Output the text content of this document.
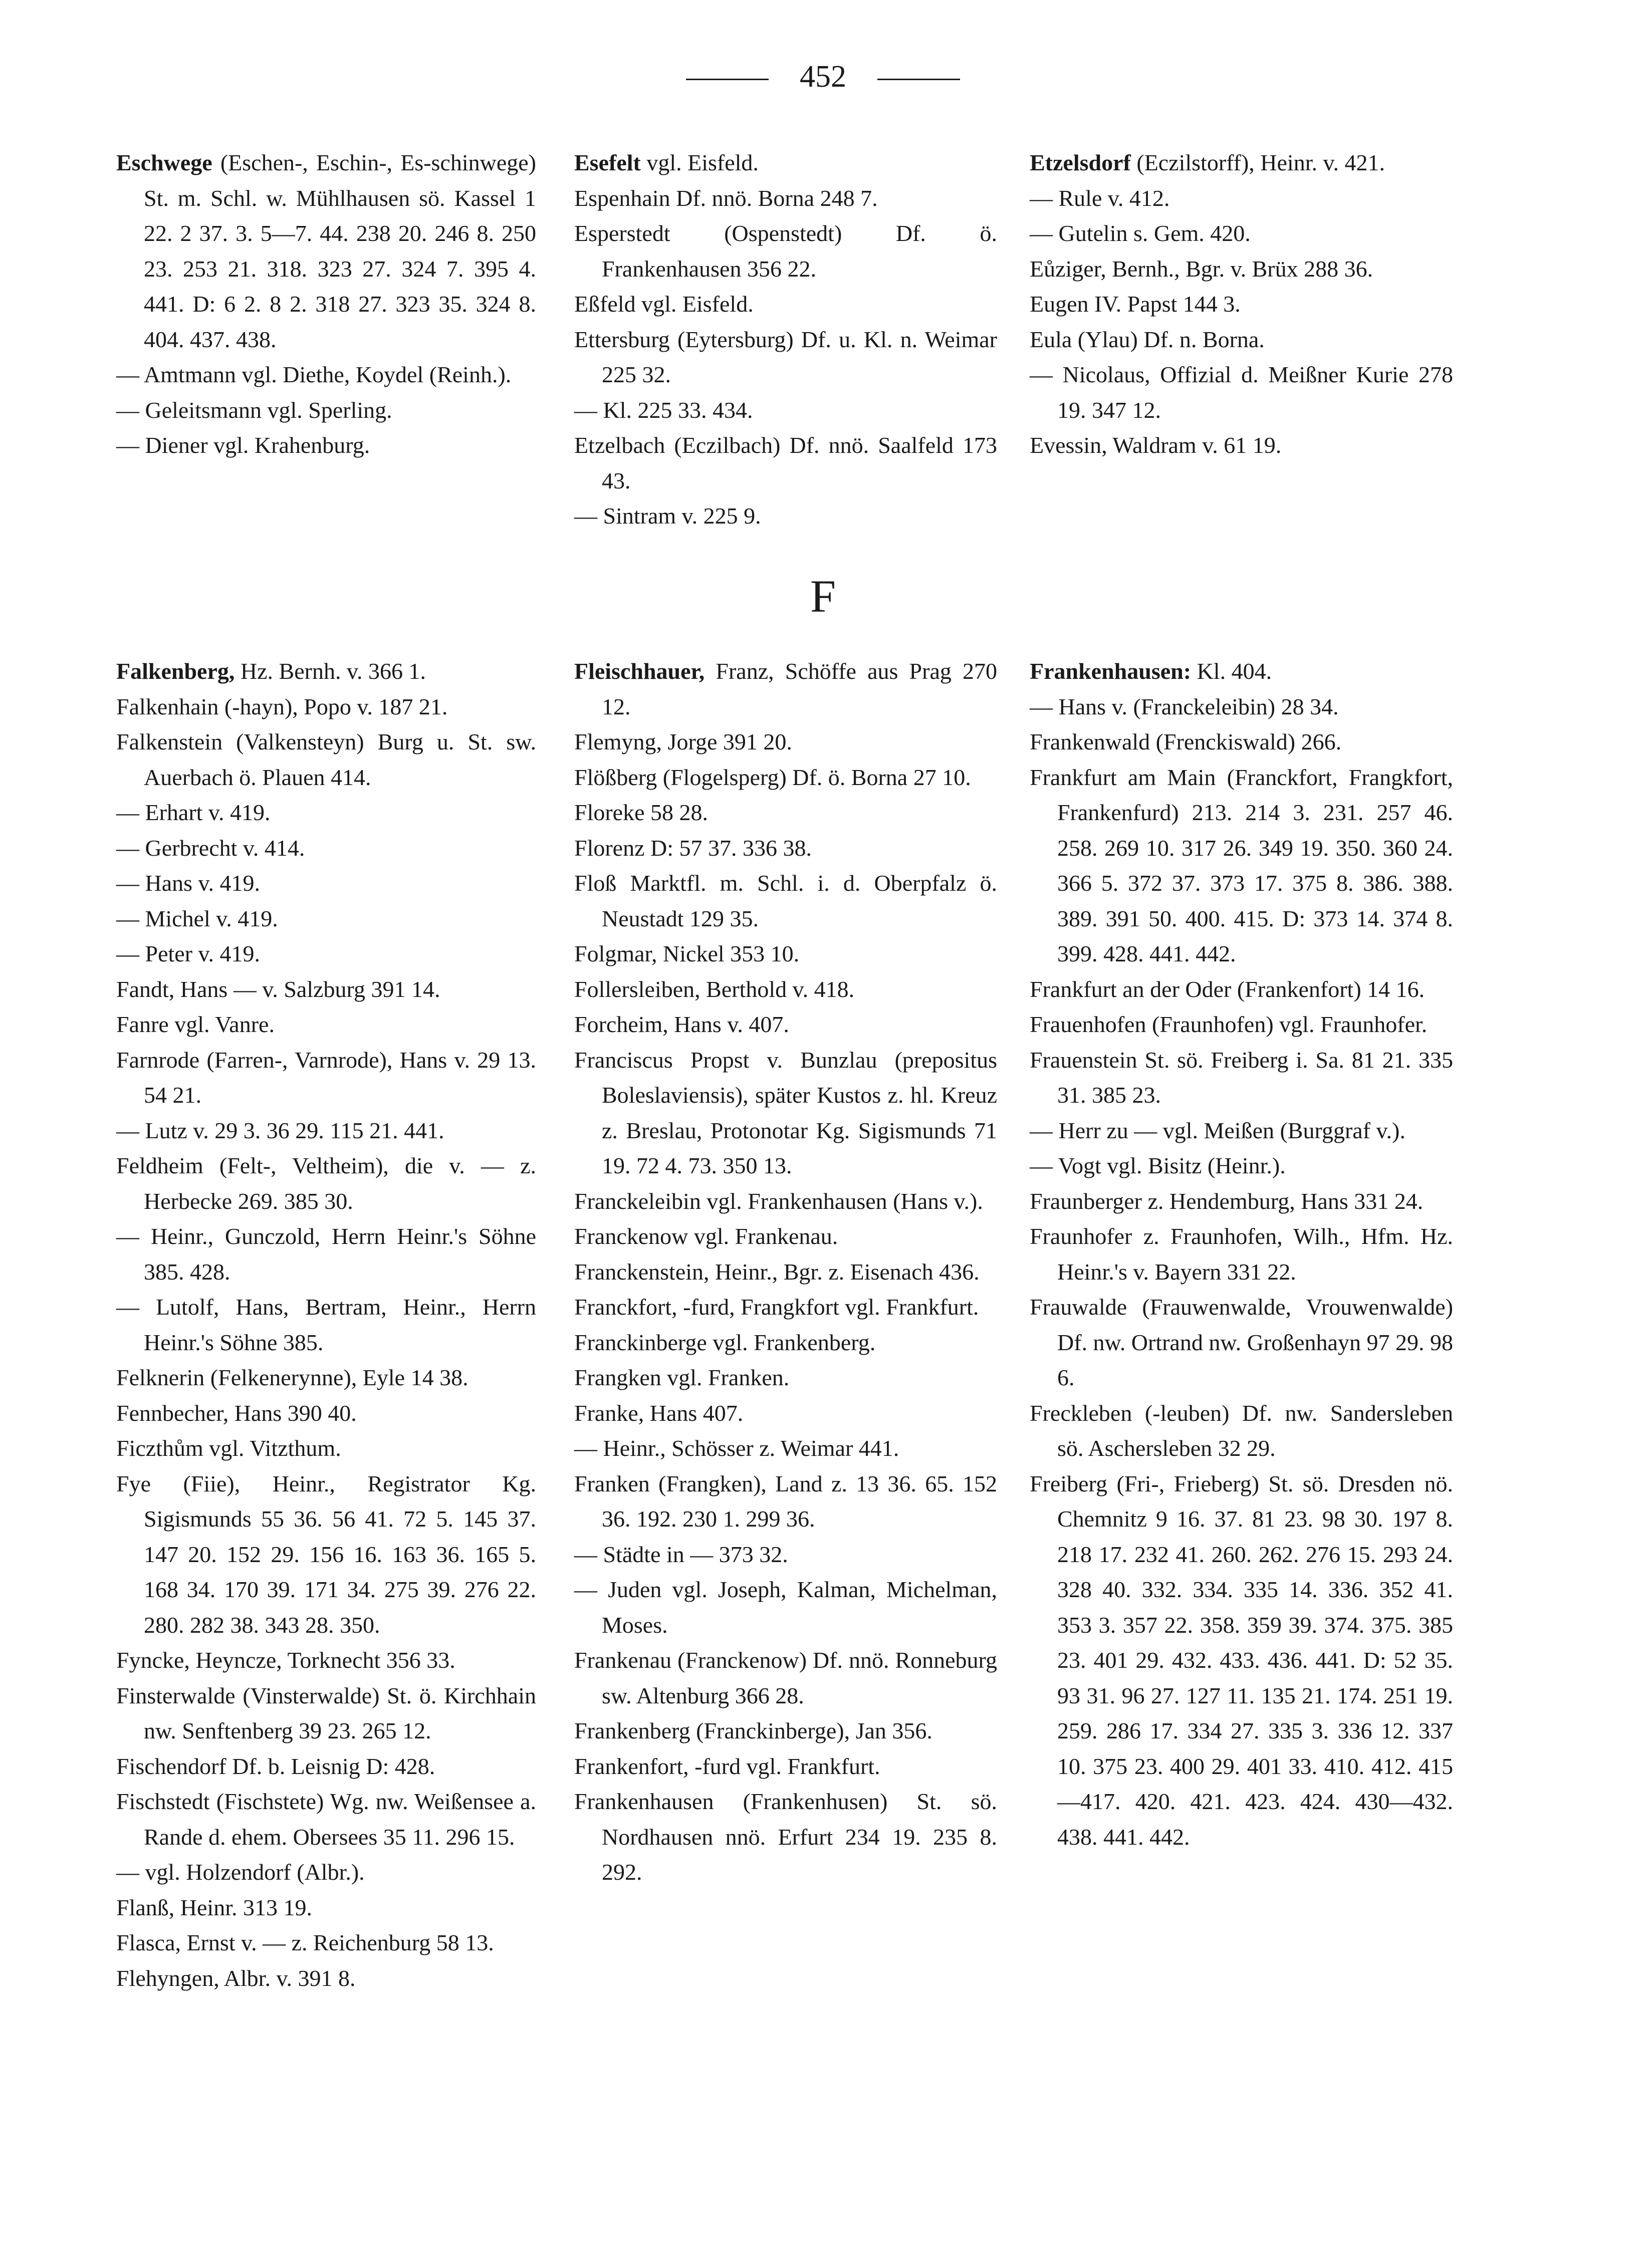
452

Eschwege (Eschen-, Eschin-, Es-schinwege) St. m. Schl. w. Mühlhausen sö. Kassel 1 22. 2 37. 3. 5—7. 44. 238 20. 246 8. 250 23. 253 21. 318. 323 27. 324 7. 395 4. 441. D: 6 2. 8 2. 318 27. 323 35. 324 8. 404. 437. 438.

— Amtmann vgl. Diethe, Koydel (Reinh.).

— Geleitsmann vgl. Sperling.

— Diener vgl. Krahenburg.

Esefelt vgl. Eisfeld.

Espenhain Df. nnö. Borna 248 7.

Esperstedt (Ospenstedt) Df. ö. Frankenhausen 356 22.

Eßfeld vgl. Eisfeld.

Ettersburg (Eytersburg) Df. u. Kl. n. Weimar 225 32.

— Kl. 225 33. 434.

Etzelbach (Eczilbach) Df. nnö. Saalfeld 173 43.

— Sintram v. 225 9.

Etzelsdorf (Eczilstorff), Heinr. v. 421.

— Rule v. 412.

— Gutelin s. Gem. 420.

Eůziger, Bernh., Bgr. v. Brüx 288 36.

Eugen IV. Papst 144 3.

Eula (Ylau) Df. n. Borna.

— Nicolaus, Offizial d. Meißner Kurie 278 19. 347 12.

Evessin, Waldram v. 61 19.

F

Falkenberg, Hz. Bernh. v. 366 1.

Falkenhain (-hayn), Popo v. 187 21.

Falkenstein (Valkensteyn) Burg u. St. sw. Auerbach ö. Plauen 414.

— Erhart v. 419.

— Gerbrecht v. 414.

— Hans v. 419.

— Michel v. 419.

— Peter v. 419.

Fandt, Hans — v. Salzburg 391 14.

Fanre vgl. Vanre.

Farnrode (Farren-, Varnrode), Hans v. 29 13. 54 21.

— Lutz v. 29 3. 36 29. 115 21. 441.

Feldheim (Felt-, Veltheim), die v. — z. Herbecke 269. 385 30.

— Heinr., Gunczold, Herrn Heinr.'s Söhne 385. 428.

— Lutolf, Hans, Bertram, Heinr., Herrn Heinr.'s Söhne 385.

Felknerin (Felkenerynne), Eyle 14 38.

Fennbecher, Hans 390 40.

Ficzthům vgl. Vitzthum.

Fye (Fiie), Heinr., Registrator Kg. Sigismunds 55 36. 56 41. 72 5. 145 37. 147 20. 152 29. 156 16. 163 36. 165 5. 168 34. 170 39. 171 34. 275 39. 276 22. 280. 282 38. 343 28. 350.

Fyncke, Heyncze, Torknecht 356 33.

Finsterwalde (Vinsterwalde) St. ö. Kirchhain nw. Senftenberg 39 23. 265 12.

Fischendorf Df. b. Leisnig D: 428.

Fischstedt (Fischstete) Wg. nw. Weißensee a. Rande d. ehem. Obersees 35 11. 296 15.

— vgl. Holzendorf (Albr.).

Flanß, Heinr. 313 19.

Flasca, Ernst v. — z. Reichenburg 58 13.

Flehyngen, Albr. v. 391 8.

Fleischhauer, Franz, Schöffe aus Prag 270 12.

Flemyng, Jorge 391 20.

Flößberg (Flogelsperg) Df. ö. Borna 27 10.

Floreke 58 28.

Florenz D: 57 37. 336 38.

Floß Marktfl. m. Schl. i. d. Oberpfalz ö. Neustadt 129 35.

Folgmar, Nickel 353 10.

Follersleiben, Berthold v. 418.

Forcheim, Hans v. 407.

Franciscus Propst v. Bunzlau (prepositus Boleslaviensis), später Kustos z. hl. Kreuz z. Breslau, Protonotar Kg. Sigismunds 71 19. 72 4. 73. 350 13.

Franckeleibin vgl. Frankenhausen (Hans v.).

Franckenow vgl. Frankenau.

Franckenstein, Heinr., Bgr. z. Eisenach 436.

Franckfort, -furd, Frangkfort vgl. Frankfurt.

Franckinberge vgl. Frankenberg.

Frangken vgl. Franken.

Franke, Hans 407.

— Heinr., Schösser z. Weimar 441.

Franken (Frangken), Land z. 13 36. 65. 152 36. 192. 230 1. 299 36.

— Städte in — 373 32.

— Juden vgl. Joseph, Kalman, Michelman, Moses.

Frankenau (Franckenow) Df. nnö. Ronneburg sw. Altenburg 366 28.

Frankenberg (Franckinberge), Jan 356.

Frankenfort, -furd vgl. Frankfurt.

Frankenhausen (Frankenhusen) St. sö. Nordhausen nnö. Erfurt 234 19. 235 8. 292.

Frankenhausen: Kl. 404.

— Hans v. (Franckeleibin) 28 34.

Frankenwald (Frenckiswald) 266.

Frankfurt am Main (Franckfort, Frangkfort, Frankenfurd) 213. 214 3. 231. 257 46. 258. 269 10. 317 26. 349 19. 350. 360 24. 366 5. 372 37. 373 17. 375 8. 386. 388. 389. 391 50. 400. 415. D: 373 14. 374 8. 399. 428. 441. 442.

Frankfurt an der Oder (Frankenfort) 14 16.

Frauenhofen (Fraunhofen) vgl. Fraunhofer.

Frauenstein St. sö. Freiberg i. Sa. 81 21. 335 31. 385 23.

— Herr zu — vgl. Meißen (Burggraf v.).

— Vogt vgl. Bisitz (Heinr.).

Fraunberger z. Hendemburg, Hans 331 24.

Fraunhofer z. Fraunhofen, Wilh., Hfm. Hz. Heinr.'s v. Bayern 331 22.

Frauwalde (Frauwenwalde, Vrouwenwalde) Df. nw. Ortrand nw. Großenhayn 97 29. 98 6.

Freckleben (-leuben) Df. nw. Sandersleben sö. Aschersleben 32 29.

Freiberg (Fri-, Frieberg) St. sö. Dresden nö. Chemnitz 9 16. 37. 81 23. 98 30. 197 8. 218 17. 232 41. 260. 262. 276 15. 293 24. 328 40. 332. 334. 335 14. 336. 352 41. 353 3. 357 22. 358. 359 39. 374. 375. 385 23. 401 29. 432. 433. 436. 441. D: 52 35. 93 31. 96 27. 127 11. 135 21. 174. 251 19. 259. 286 17. 334 27. 335 3. 336 12. 337 10. 375 23. 400 29. 401 33. 410. 412. 415—417. 420. 421. 423. 424. 430—432. 438. 441. 442.
